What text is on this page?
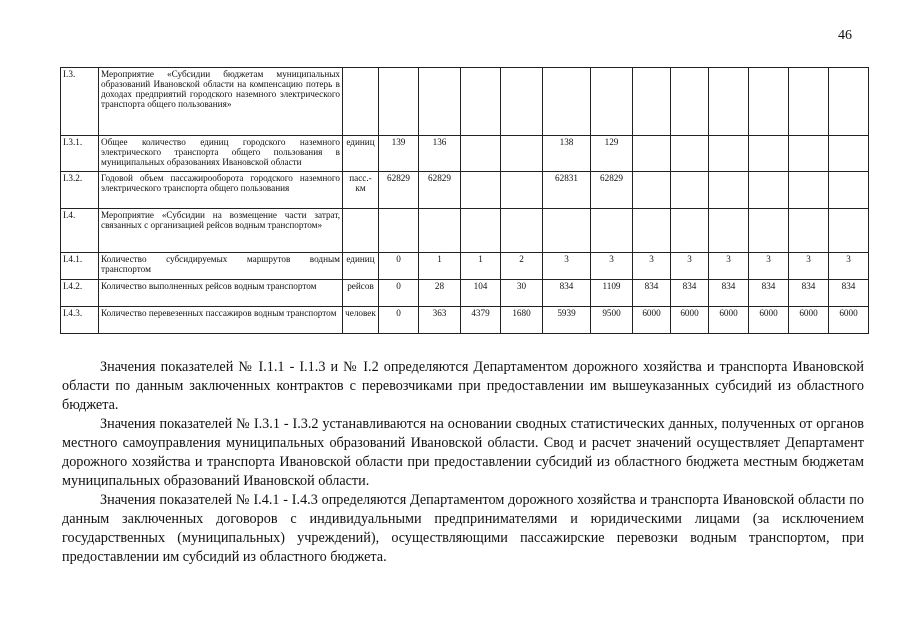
46
I.3.	Мероприятие «Субсидии бюджетам муниципальных образований Ивановской области на компенсацию потерь в доходах предприятий городского наземного электрического транспорта общего пользования»													
I.3.1.	Общее количество единиц городского наземного электрического транспорта общего пользования в муниципальных образованиях Ивановской области	единиц	139	136			138	129						
I.3.2.	Годовой объем пассажирооборота городского наземного электрического транспорта общего пользования	пасс.-км	62829	62829			62831	62829						
I.4.	Мероприятие «Субсидии на возмещение части затрат, связанных с организацией рейсов водным транспортом»													
I.4.1.	Количество субсидируемых маршрутов водным транспортом	единиц	0	1	1	2	3	3	3	3	3	3	3	3
I.4.2.	Количество выполненных рейсов водным транспортом	рейсов	0	28	104	30	834	1109	834	834	834	834	834	834
I.4.3.	Количество перевезенных пассажиров водным транспортом	человек	0	363	4379	1680	5939	9500	6000	6000	6000	6000	6000	6000

Значения показателей № I.1.1 - I.1.3 и № I.2 определяются Департаментом дорожного хозяйства и транспорта Ивановской области по данным заключенных контрактов с перевозчиками при предоставлении им вышеуказанных субсидий из областного бюджета.

Значения показателей № I.3.1 - I.3.2 устанавливаются на основании сводных статистических данных, полученных от органов местного самоуправления муниципальных образований Ивановской области. Свод и расчет значений осуществляет Департамент дорожного хозяйства и транспорта Ивановской области при предоставлении субсидий из областного бюджета местным бюджетам муниципальных образований Ивановской области.

Значения показателей № I.4.1 - I.4.3 определяются Департаментом дорожного хозяйства и транспорта Ивановской области по данным заключенных договоров с индивидуальными предпринимателями и юридическими лицами (за исключением государственных (муниципальных) учреждений), осуществляющими пассажирские перевозки водным транспортом, при предоставлении им субсидий из областного бюджета.
